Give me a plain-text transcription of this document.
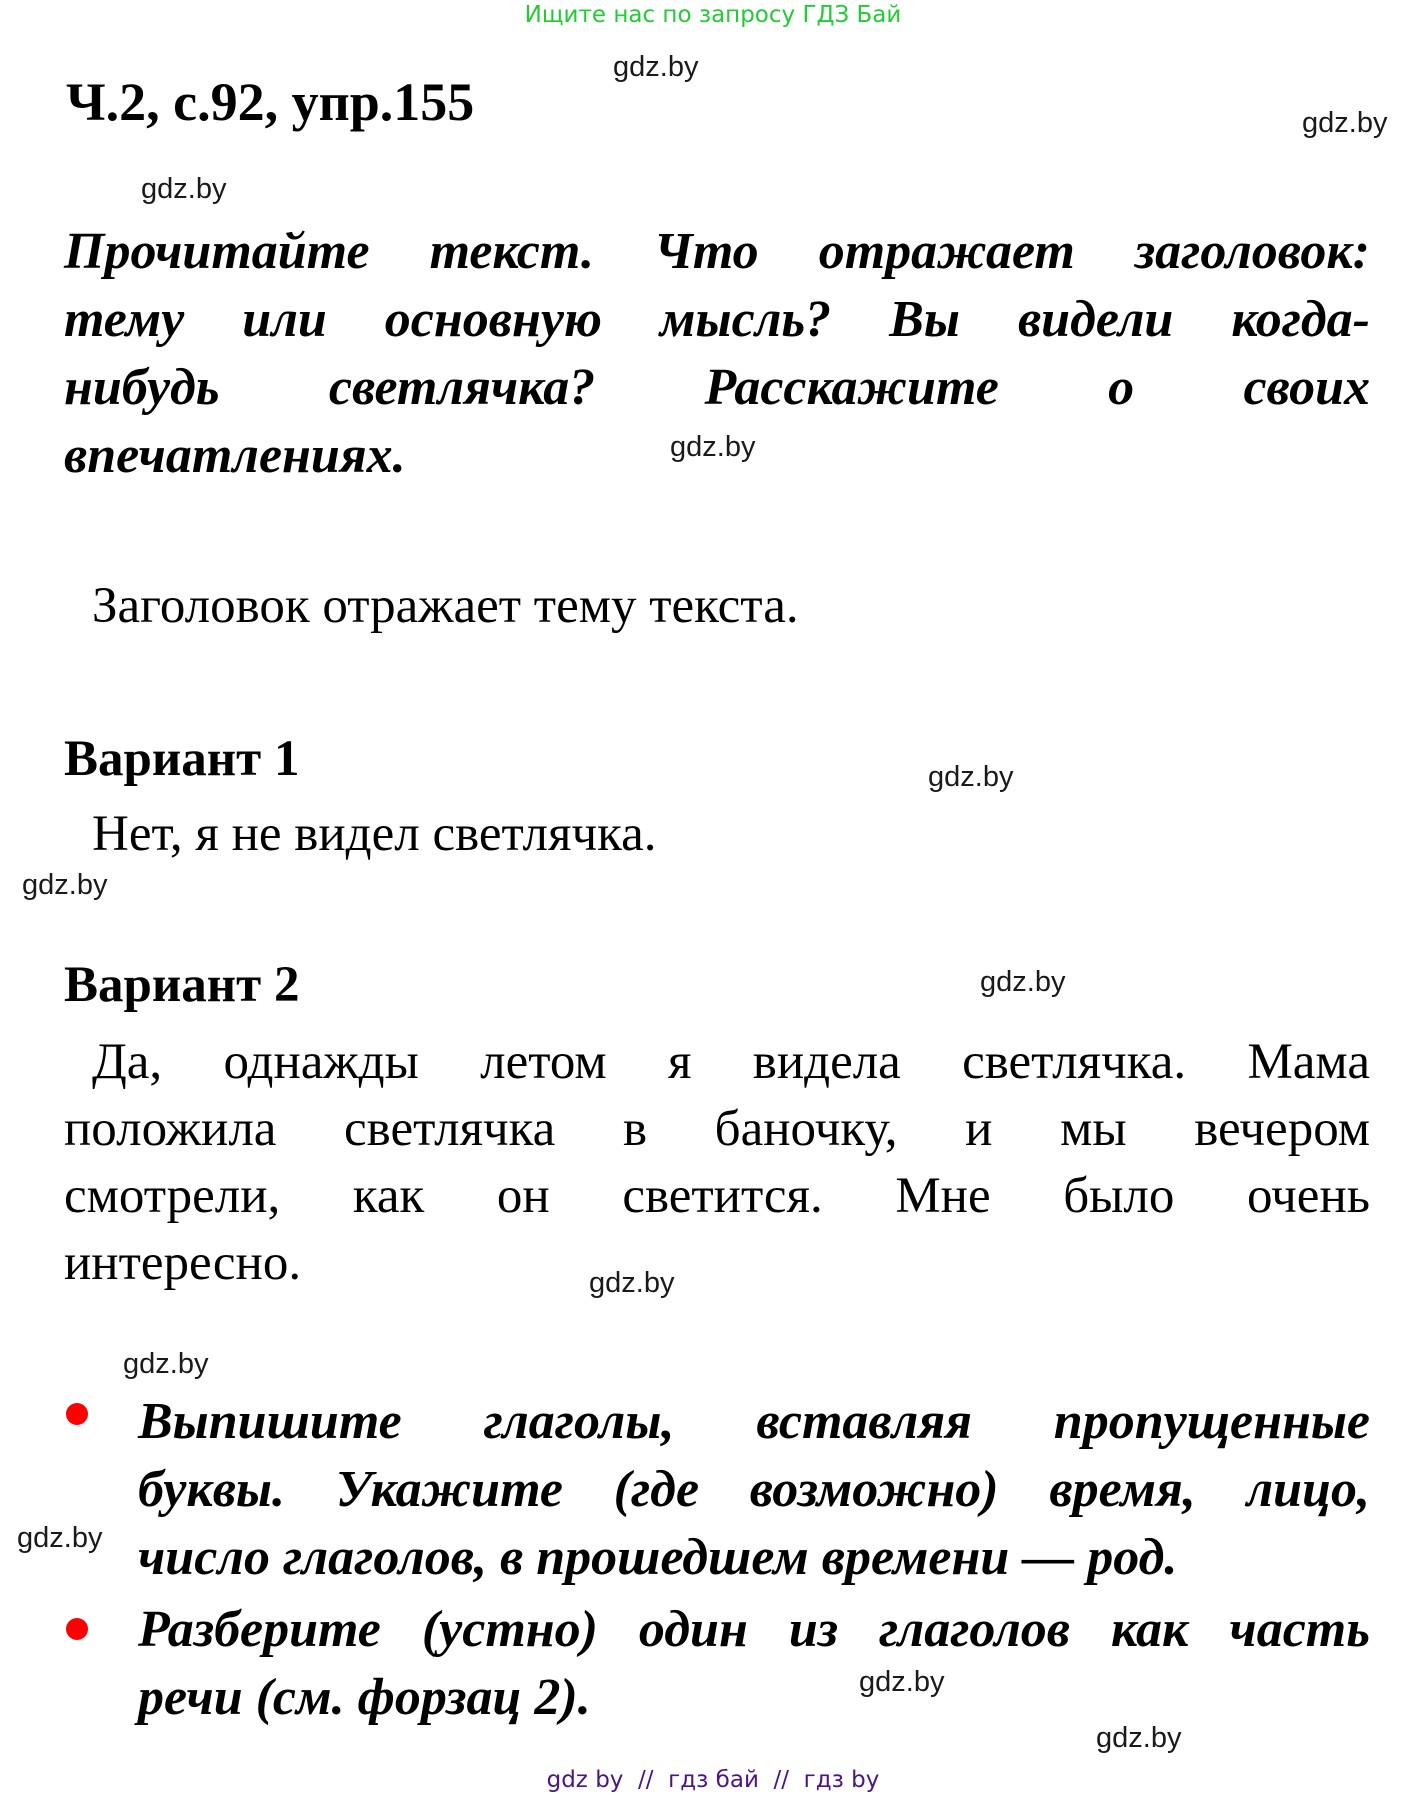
Ищите нас по запросу ГДЗ Бай
Ч.2, с.92, упр.155
gdz.by
gdz.by
gdz.by
Прочитайте текст. Что отражает заголовок:
тему или основную мысль? Вы видели когда-
нибудь светлячка? Расскажите о своих
впечатлениях.	gdz.by
Заголовок отражает тему текста.
Вариант 1	gdz.by
Нет, я не видел светлячка.
gdz.by
Вариант 2	gdz.by
Да, однажды летом я видела светлячка. Мама
положила светлячка в баночку, и мы вечером
смотрели, как он светится. Мне было очень
интересно.	gdz.by
gdz.by
Выпишите глаголы, вставляя пропущенные
буквы. Укажите (где возможно) время, лицо,
число глаголов, в прошедшем времени — род.
gdz.by
Разберите (устно) один из глаголов как часть
речи (см. форзац 2).	gdz.by
gdz.by
gdz by  //  гдз бай  //  гдз by
